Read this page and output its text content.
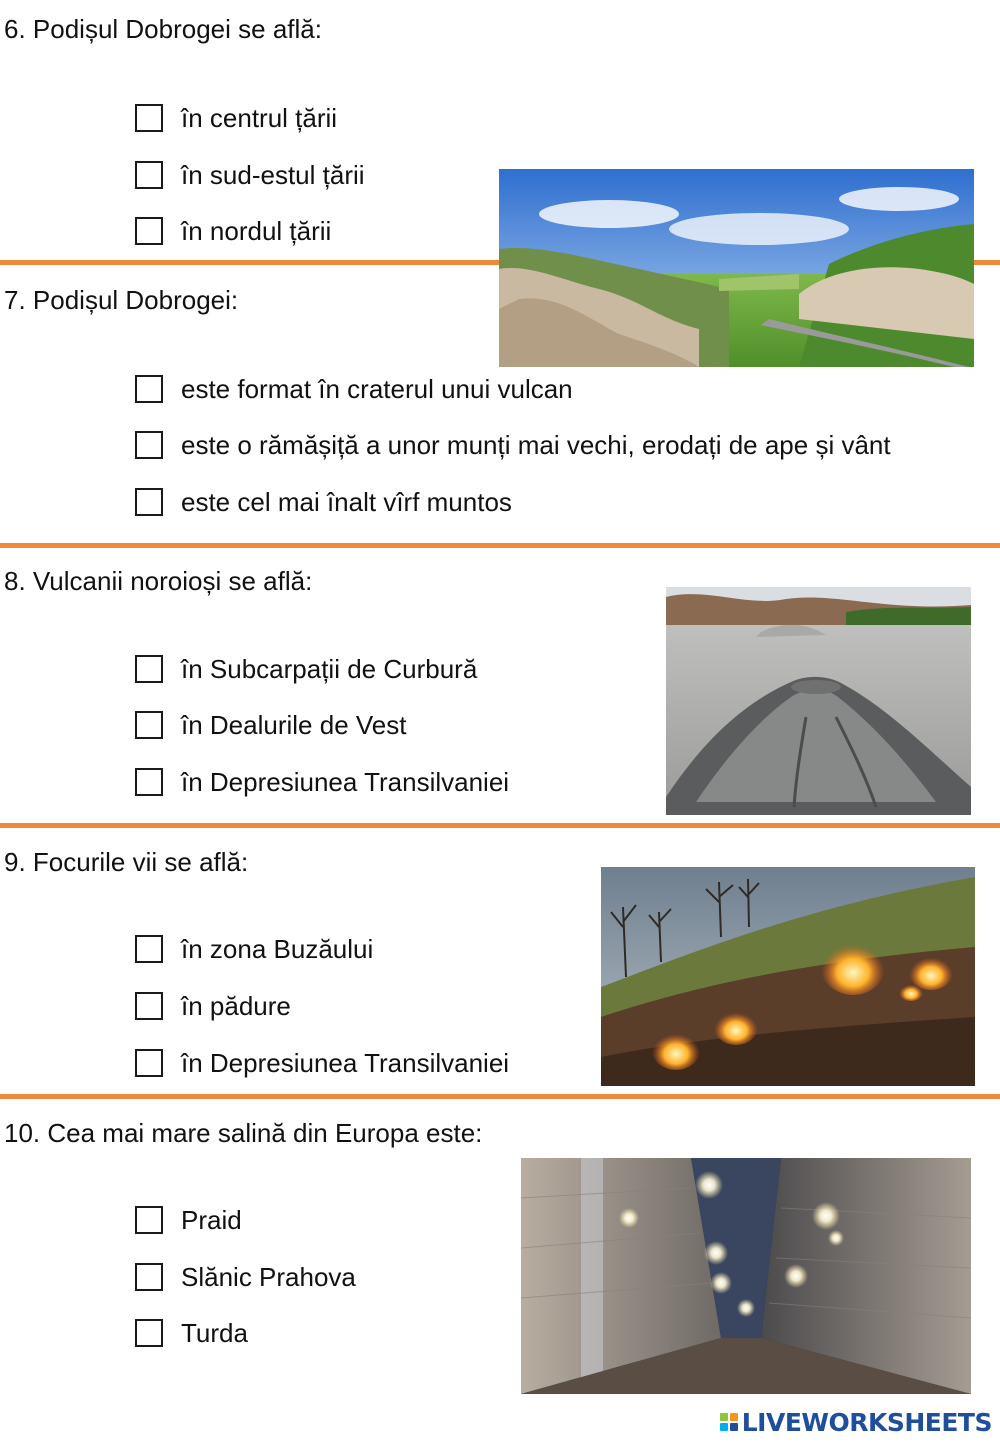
6. Podișul Dobrogei se află:
în centrul țării
în sud-estul țării
în nordul țării
7. Podișul Dobrogei:
este format în craterul unui vulcan
este o rămășiță a unor munți mai vechi, erodați de ape și vânt
este cel mai înalt vîrf muntos
8. Vulcanii noroioși se află:
în Subcarpații de Curbură
în Dealurile de Vest
în Depresiunea Transilvaniei
9. Focurile vii se află:
în zona Buzăului
în pădure
în Depresiunea Transilvaniei
10. Cea mai mare salină din Europa este:
Praid
Slănic Prahova
Turda
LIVEWORKSHEETS
